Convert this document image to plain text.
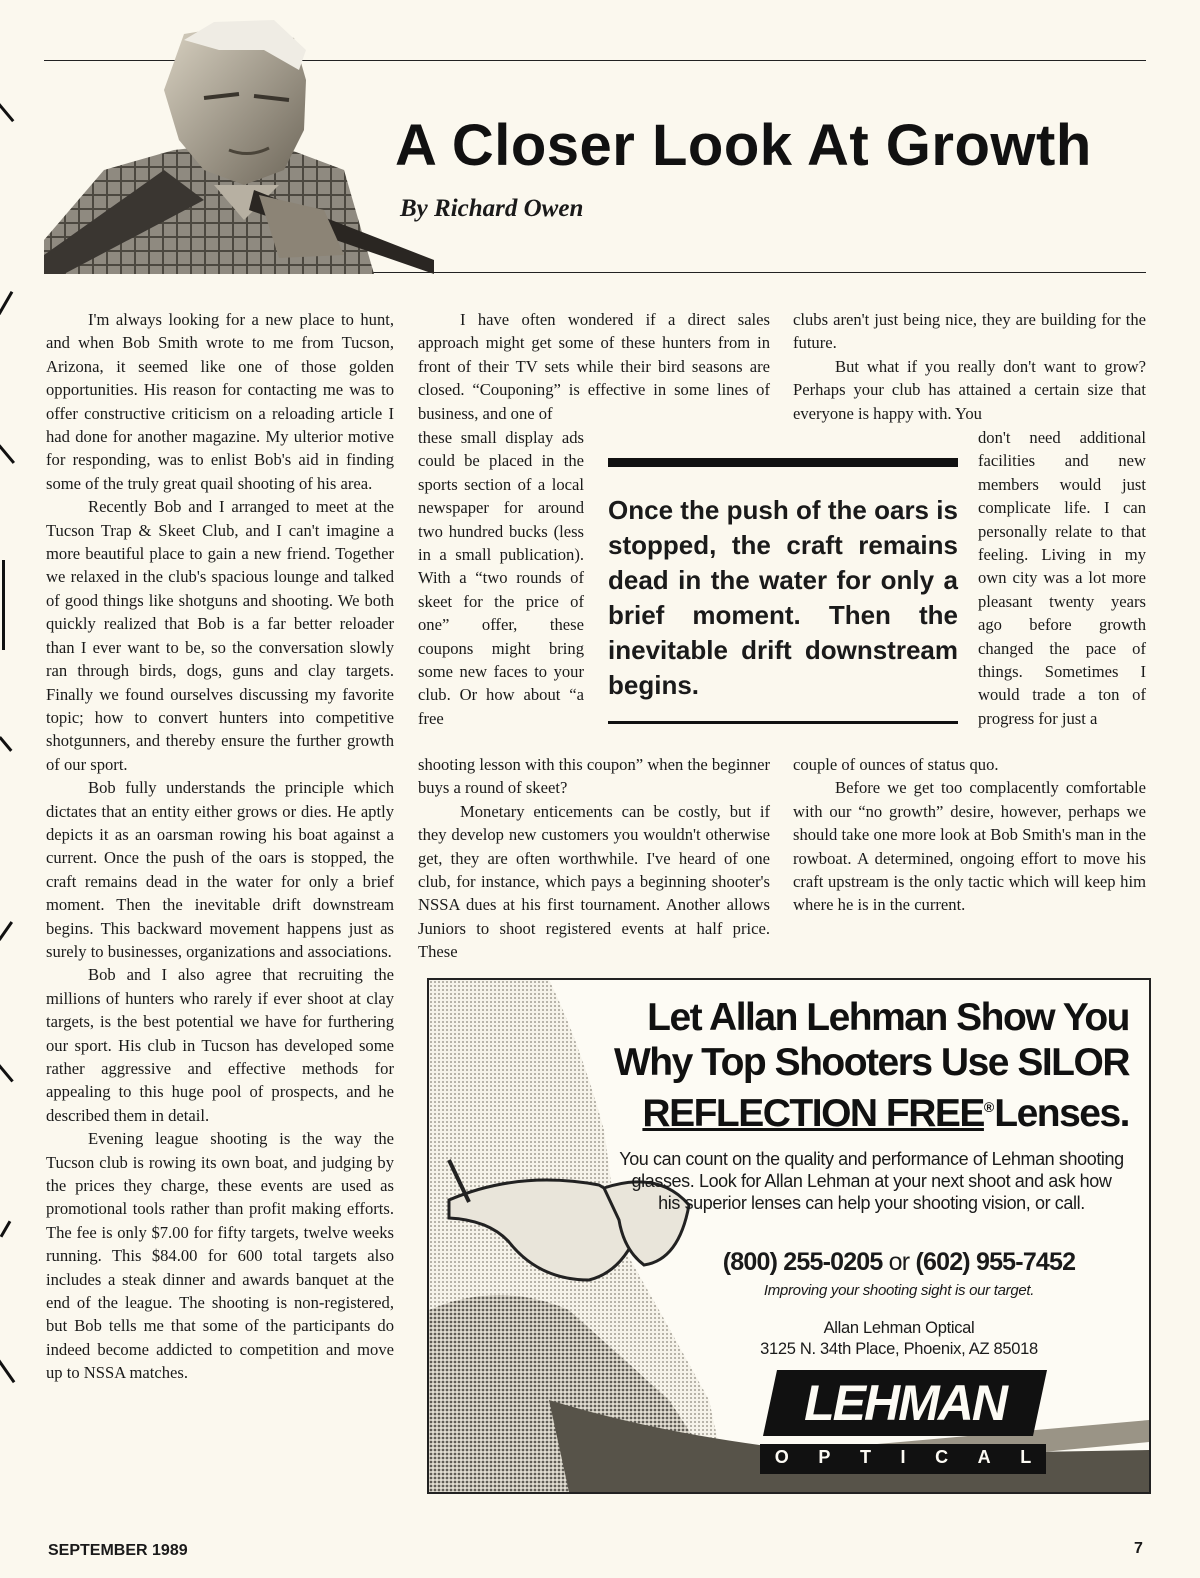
A Closer Look At Growth
By Richard Owen

I'm always looking for a new place to hunt, and when Bob Smith wrote to me from Tucson, Arizona, it seemed like one of those golden opportunities. His reason for contacting me was to offer constructive criticism on a reloading article I had done for another magazine. My ulterior motive for responding, was to enlist Bob's aid in finding some of the truly great quail shooting of his area.

Recently Bob and I arranged to meet at the Tucson Trap & Skeet Club, and I can't imagine a more beautiful place to gain a new friend. Together we relaxed in the club's spacious lounge and talked of good things like shotguns and shooting. We both quickly realized that Bob is a far better reloader than I ever want to be, so the conversation slowly ran through birds, dogs, guns and clay targets. Finally we found ourselves discussing my favorite topic; how to convert hunters into competitive shotgunners, and thereby ensure the further growth of our sport.

Bob fully understands the principle which dictates that an entity either grows or dies. He aptly depicts it as an oarsman rowing his boat against a current. Once the push of the oars is stopped, the craft remains dead in the water for only a brief moment. Then the inevitable drift downstream begins. This backward movement happens just as surely to businesses, organizations and associations.

Bob and I also agree that recruiting the millions of hunters who rarely if ever shoot at clay targets, is the best potential we have for furthering our sport. His club in Tucson has developed some rather aggressive and effective methods for appealing to this huge pool of prospects, and he described them in detail.

Evening league shooting is the way the Tucson club is rowing its own boat, and judging by the prices they charge, these events are used as promotional tools rather than profit making efforts. The fee is only $7.00 for fifty targets, twelve weeks running. This $84.00 for 600 total targets also includes a steak dinner and awards banquet at the end of the league. The shooting is non-registered, but Bob tells me that some of the participants do indeed become addicted to competition and move up to NSSA matches.

I have often wondered if a direct sales approach might get some of these hunters from in front of their TV sets while their bird seasons are closed. “Couponing” is effective in some lines of business, and one of

these small display ads could be placed in the sports section of a local newspaper for around two hundred bucks (less in a small publication). With a “two rounds of skeet for the price of one” offer, these coupons might bring some new faces to your club. Or how about “a free

shooting lesson with this coupon” when the beginner buys a round of skeet?

Monetary enticements can be costly, but if they develop new customers you wouldn't otherwise get, they are often worthwhile. I've heard of one club, for instance, which pays a beginning shooter's NSSA dues at his first tournament. Another allows Juniors to shoot registered events at half price. These

clubs aren't just being nice, they are building for the future.

But what if you really don't want to grow? Perhaps your club has attained a certain size that everyone is happy with. You

don't need additional facilities and new members would just complicate life. I can personally relate to that feeling. Living in my own city was a lot more pleasant twenty years ago before growth changed the pace of things. Sometimes I would trade a ton of progress for just a

couple of ounces of status quo.

Before we get too complacently comfortable with our “no growth” desire, however, perhaps we should take one more look at Bob Smith's man in the rowboat. A determined, ongoing effort to move his craft upstream is the only tactic which will keep him where he is in the current.

Once the push of the oars is stopped, the craft remains dead in the water for only a brief moment. Then the inevitable drift downstream begins.
Let Allan Lehman Show You
Why Top Shooters Use SILOR
REFLECTION FREE®Lenses.
You can count on the quality and performance of Lehman shooting glasses. Look for Allan Lehman at your next shoot and ask how his superior lenses can help your shooting vision, or call.
(800) 255-0205 or (602) 955-7452
Improving your shooting sight is our target.
Allan Lehman Optical
3125 N. 34th Place, Phoenix, AZ 85018
LEHMAN
O P T I C A L
SEPTEMBER 1989	7
